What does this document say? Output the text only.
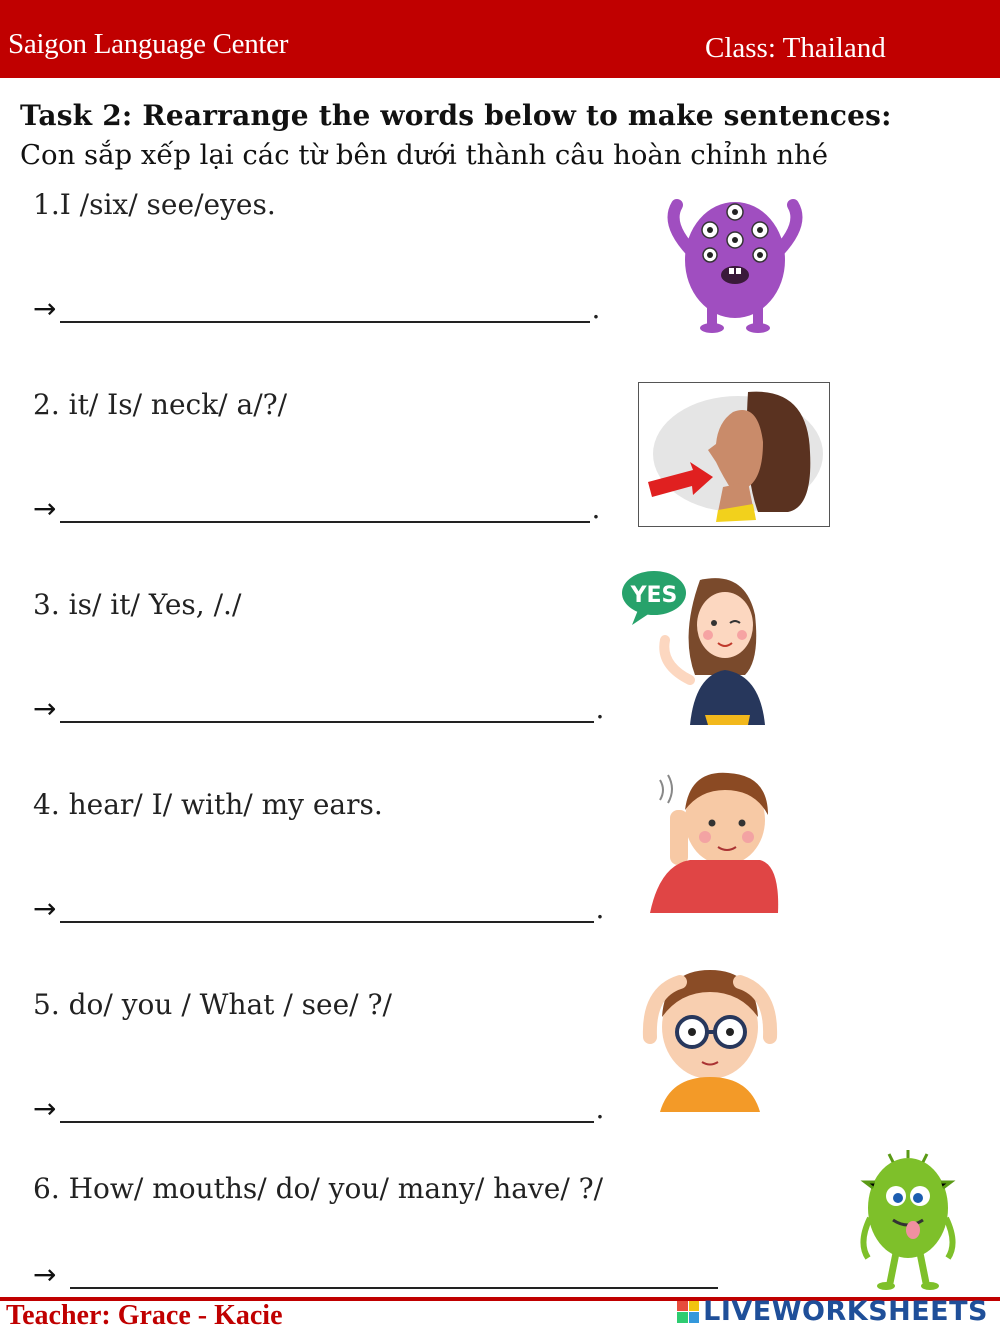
Saigon Language Center	Class: Thailand
Task 2: Rearrange the words below to make sentences:
Con sắp xếp lại các từ bên dưới thành câu hoàn chỉnh nhé
1.I /six/ see/eyes.
→	.
2. it/ Is/ neck/ a/?/
→	.
3. is/ it/ Yes, /./
→	.
YES
4. hear/ I/ with/ my ears.
→	.
5. do/ you / What / see/ ?/
→	.
6. How/ mouths/ do/ you/ many/ have/ ?/
→
Teacher: Grace - Kacie	LIVEWORKSHEETS
